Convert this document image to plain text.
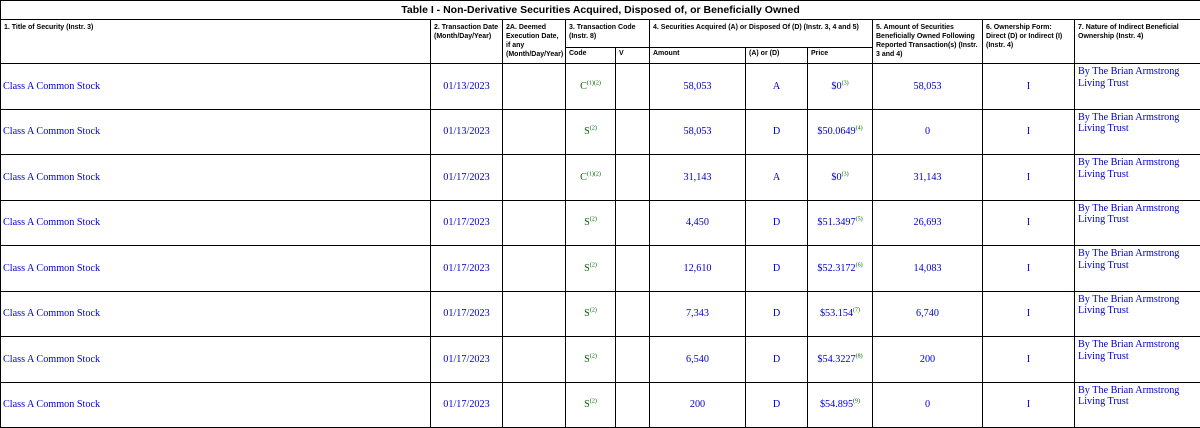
Table I - Non-Derivative Securities Acquired, Disposed of, or Beneficially Owned										
1. Title of Security (Instr. 3)	2. Transaction Date (Month/Day/Year)	2A. Deemed Execution Date, if any (Month/Day/Year)	3. Transaction Code (Instr. 8)		4. Securities Acquired (A) or Disposed Of (D) (Instr. 3, 4 and 5)			5. Amount of Securities Beneficially Owned Following Reported Transaction(s) (Instr. 3 and 4)	6. Ownership Form: Direct (D) or Indirect (I) (Instr. 4)	7. Nature of Indirect Beneficial Ownership (Instr. 4)
			Code	V	Amount	(A) or (D)	Price			
Class A Common Stock	01/13/2023		$C^{(1)(2)}$		58,053	A	$0$^{(3)}$	58,053	I	By The Brian Armstrong Living Trust
Class A Common Stock	01/13/2023		$S^{(2)}$		58,053	D	$50.0649$^{(4)}$	0	I	By The Brian Armstrong Living Trust
Class A Common Stock	01/17/2023		$C^{(1)(2)}$		31,143	A	$0$^{(3)}$	31,143	I	By The Brian Armstrong Living Trust
Class A Common Stock	01/17/2023		$S^{(2)}$		4,450	D	$51.3497$^{(5)}$	26,693	I	By The Brian Armstrong Living Trust
Class A Common Stock	01/17/2023		$S^{(2)}$		12,610	D	$52.3172$^{(6)}$	14,083	I	By The Brian Armstrong Living Trust
Class A Common Stock	01/17/2023		$S^{(2)}$		7,343	D	$53.154$^{(7)}$	6,740	I	By The Brian Armstrong Living Trust
Class A Common Stock	01/17/2023		$S^{(2)}$		6,540	D	$54.3227$^{(8)}$	200	I	By The Brian Armstrong Living Trust
Class A Common Stock	01/17/2023		$S^{(2)}$		200	D	$54.895$^{(9)}$	0	I	By The Brian Armstrong Living Trust
